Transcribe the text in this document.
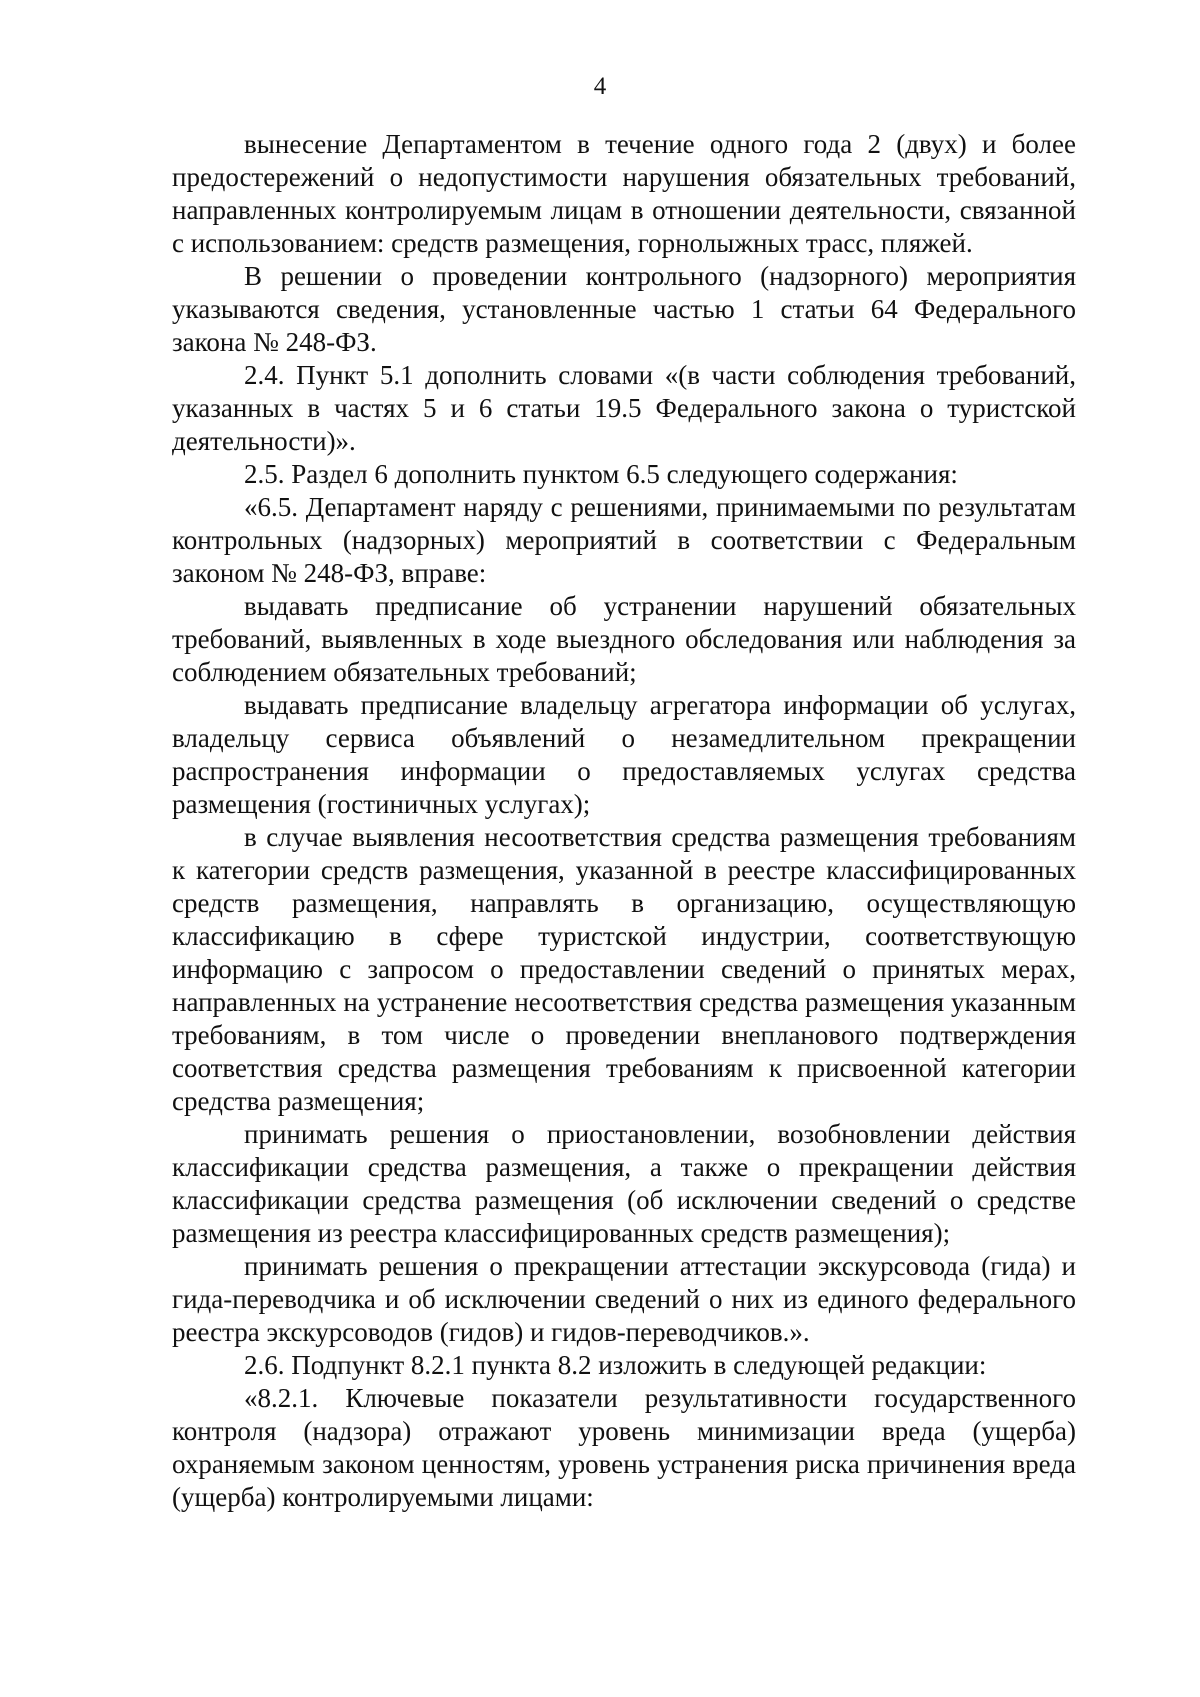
4

вынесение Департаментом в течение одного года 2 (двух) и более предостережений о недопустимости нарушения обязательных требований, направленных контролируемым лицам в отношении деятельности, связанной с использованием: средств размещения, горнолыжных трасс, пляжей.

В решении о проведении контрольного (надзорного) мероприятия указываются сведения, установленные частью 1 статьи 64 Федерального закона № 248-ФЗ.

2.4. Пункт 5.1 дополнить словами «(в части соблюдения требований, указанных в частях 5 и 6 статьи 19.5 Федерального закона о туристской деятельности)».

2.5. Раздел 6 дополнить пунктом 6.5 следующего содержания:

«6.5. Департамент наряду с решениями, принимаемыми по результатам контрольных (надзорных) мероприятий в соответствии с Федеральным законом № 248-ФЗ, вправе:

выдавать предписание об устранении нарушений обязательных требований, выявленных в ходе выездного обследования или наблюдения за соблюдением обязательных требований;

выдавать предписание владельцу агрегатора информации об услугах, владельцу сервиса объявлений о незамедлительном прекращении распространения информации о предоставляемых услугах средства размещения (гостиничных услугах);

в случае выявления несоответствия средства размещения требованиям к категории средств размещения, указанной в реестре классифицированных средств размещения, направлять в организацию, осуществляющую классификацию в сфере туристской индустрии, соответствующую информацию с запросом о предоставлении сведений о принятых мерах, направленных на устранение несоответствия средства размещения указанным требованиям, в том числе о проведении внепланового подтверждения соответствия средства размещения требованиям к присвоенной категории средства размещения;

принимать решения о приостановлении, возобновлении действия классификации средства размещения, а также о прекращении действия классификации средства размещения (об исключении сведений о средстве размещения из реестра классифицированных средств размещения);

принимать решения о прекращении аттестации экскурсовода (гида) и гида-переводчика и об исключении сведений о них из единого федерального реестра экскурсоводов (гидов) и гидов-переводчиков.».

2.6. Подпункт 8.2.1 пункта 8.2 изложить в следующей редакции:

«8.2.1. Ключевые показатели результативности государственного контроля (надзора) отражают уровень минимизации вреда (ущерба) охраняемым законом ценностям, уровень устранения риска причинения вреда (ущерба) контролируемыми лицами:
